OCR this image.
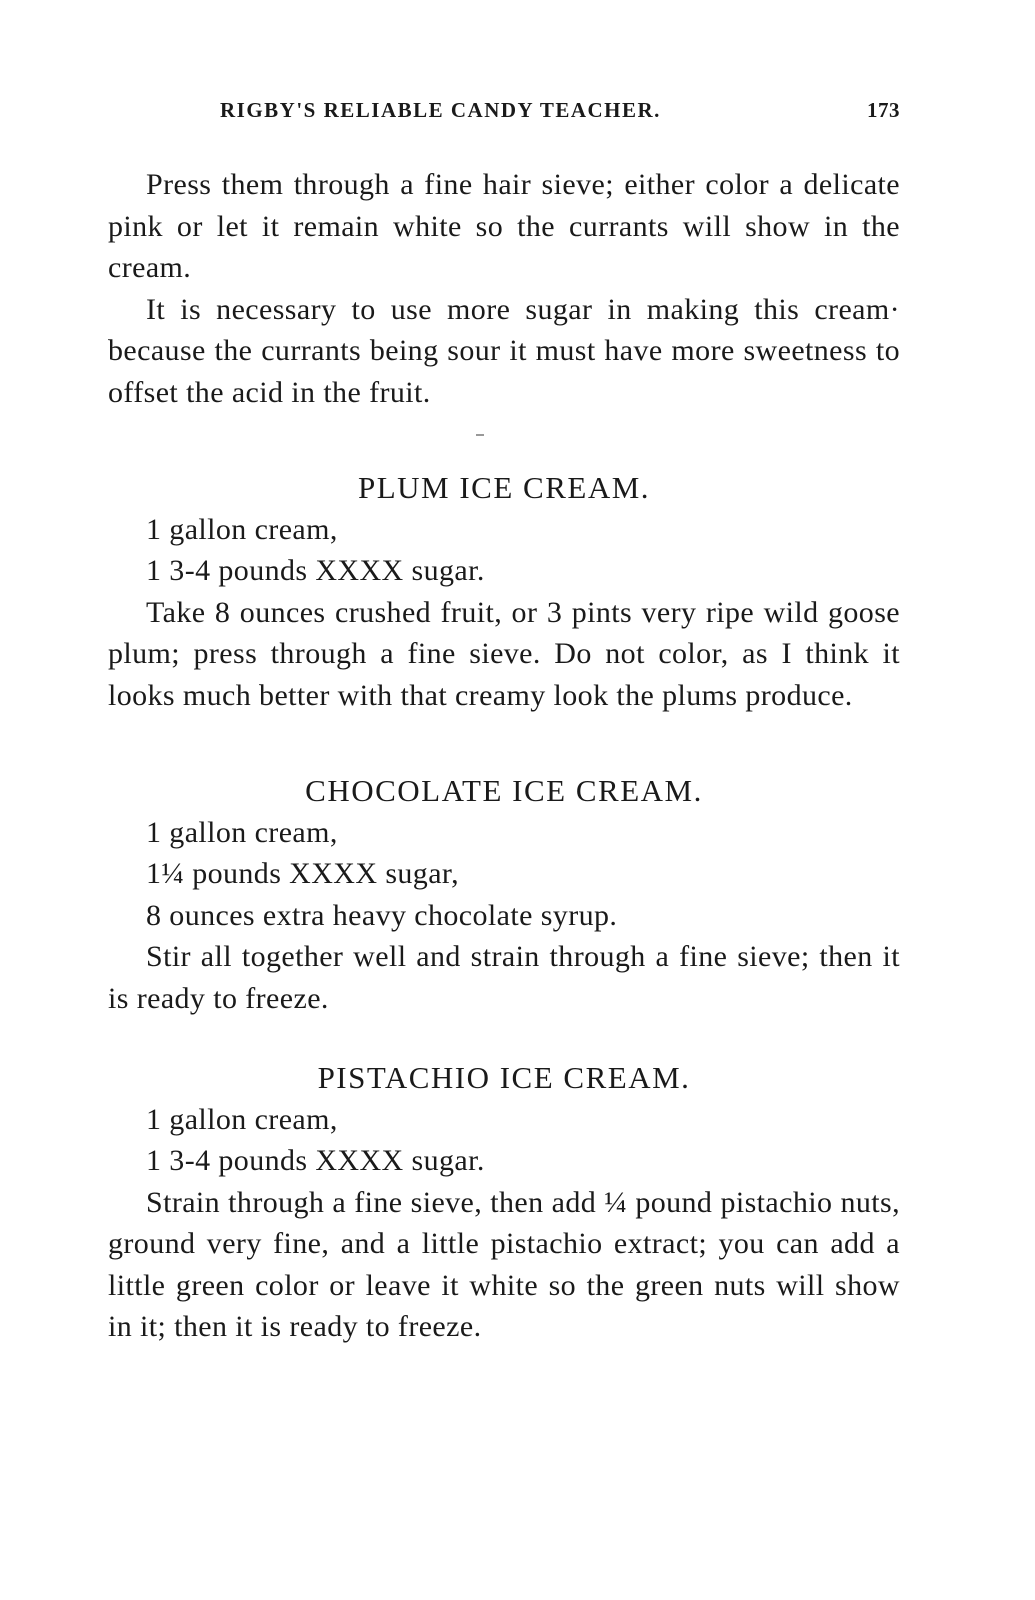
RIGBY'S RELIABLE CANDY TEACHER.	173

Press them through a fine hair sieve; either color a delicate pink or let it remain white so the currants will show in the cream.

It is necessary to use more sugar in making this cream· because the currants being sour it must have more sweetness to offset the acid in the fruit.

PLUM ICE CREAM.

1 gallon cream,

1 3-4 pounds XXXX sugar.

Take 8 ounces crushed fruit, or 3 pints very ripe wild goose plum; press through a fine sieve. Do not color, as I think it looks much better with that creamy look the plums produce.

CHOCOLATE ICE CREAM.

1 gallon cream,

1¼ pounds XXXX sugar,

8 ounces extra heavy chocolate syrup.

Stir all together well and strain through a fine sieve; then it is ready to freeze.

PISTACHIO ICE CREAM.

1 gallon cream,

1 3-4 pounds XXXX sugar.

Strain through a fine sieve, then add ¼ pound pistachio nuts, ground very fine, and a little pistachio extract; you can add a little green color or leave it white so the green nuts will show in it; then it is ready to freeze.
